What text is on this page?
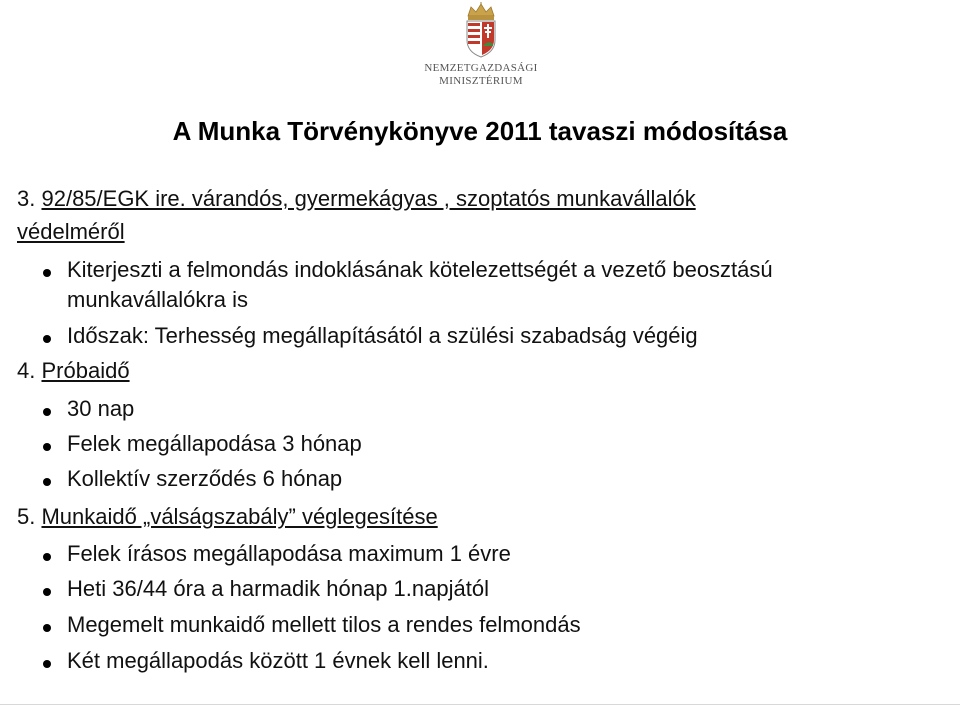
NEMZETGAZDASÁGI
MINISZTÉRIUM
A Munka Törvénykönyve 2011 tavaszi módosítása
3. 92/85/EGK ire. várandós, gyermekágyas , szoptatós munkavállalók
védelméről
Kiterjeszti a felmondás indoklásának kötelezettségét a vezető beosztású
munkavállalókra is
Időszak: Terhesség megállapításától a szülési szabadság végéig
4. Próbaidő
30 nap
Felek megállapodása 3 hónap
Kollektív szerződés 6 hónap
5. Munkaidő „válságszabály” véglegesítése
Felek írásos megállapodása maximum 1 évre
Heti 36/44 óra a harmadik hónap 1.napjától
Megemelt munkaidő mellett tilos a rendes felmondás
Két megállapodás között 1 évnek kell lenni.
